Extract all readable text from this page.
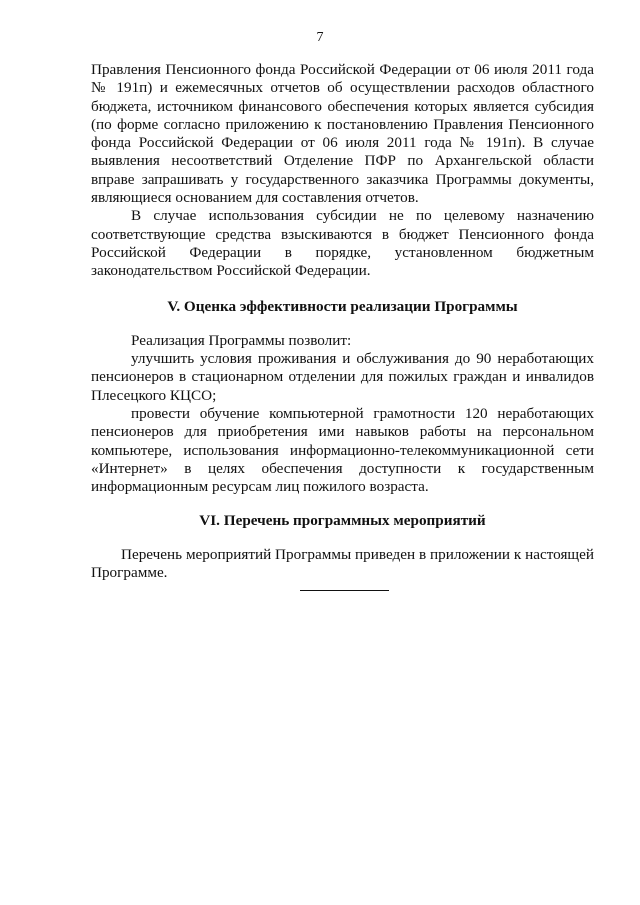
7

Правления Пенсионного фонда Российской Федерации от 06 июля 2011 года № 191п) и ежемесячных отчетов об осуществлении расходов областного бюджета, источником финансового обеспечения которых является субсидия (по форме согласно приложению к постановлению Правления Пенсионного фонда Российской Федерации от 06 июля 2011 года № 191п). В случае выявления несоответствий Отделение ПФР по Архангельской области вправе запрашивать у государственного заказчика Программы документы, являющиеся основанием для составления отчетов.

В случае использования субсидии не по целевому назначению соответствующие средства взыскиваются в бюджет Пенсионного фонда Российской Федерации в порядке, установленном бюджетным законодательством Российской Федерации.

V. Оценка эффективности реализации Программы

Реализация Программы позволит:

улучшить условия проживания и обслуживания до 90 неработающих пенсионеров в стационарном отделении для пожилых граждан и инвалидов Плесецкого КЦСО;

провести обучение компьютерной грамотности 120 неработающих пенсионеров для приобретения ими навыков работы на персональном компьютере, использования информационно-телекоммуникационной сети «Интернет» в целях обеспечения доступности к государственным информационным ресурсам лиц пожилого возраста.

VI. Перечень программных мероприятий

Перечень мероприятий Программы приведен в приложении к настоящей Программе.
